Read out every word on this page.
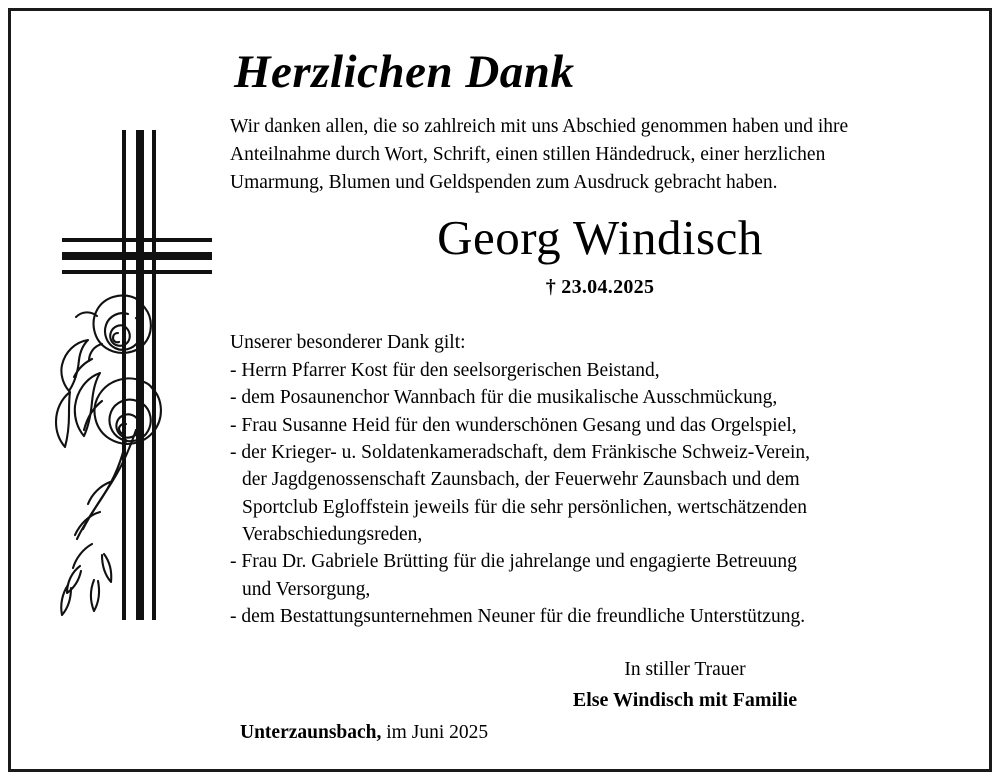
Herzlichen Dank
Wir danken allen, die so zahlreich mit uns Abschied genommen haben und ihre
Anteilnahme durch Wort, Schrift, einen stillen Händedruck, einer herzlichen
Umarmung, Blumen und Geldspenden zum Ausdruck gebracht haben.
Georg Windisch
† 23.04.2025
Unserer besonderer Dank gilt:
- Herrn Pfarrer Kost für den seelsorgerischen Beistand,
- dem Posaunenchor Wannbach für die musikalische Ausschmückung,
- Frau Susanne Heid für den wunderschönen Gesang und das Orgelspiel,
- der Krieger- u. Soldatenkameradschaft, dem Fränkische Schweiz-Verein,
der Jagdgenossenschaft Zaunsbach, der Feuerwehr Zaunsbach und dem
Sportclub Egloffstein jeweils für die sehr persönlichen, wertschätzenden
Verabschiedungsreden,
- Frau Dr. Gabriele Brütting für die jahrelange und engagierte Betreuung
und Versorgung,
- dem Bestattungsunternehmen Neuner für die freundliche Unterstützung.
In stiller Trauer
Else Windisch mit Familie
Unterzaunsbach, im Juni 2025
